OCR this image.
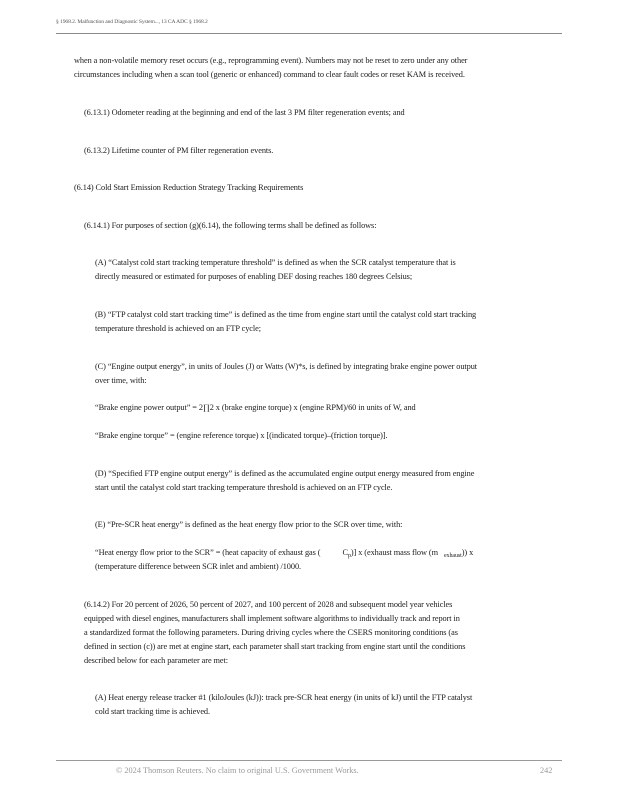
§ 1968.2. Malfunction and Diagnostic System..., 13 CA ADC § 1968.2
when a non-volatile memory reset occurs (e.g., reprogramming event). Numbers may not be reset to zero under any other
circumstances including when a scan tool (generic or enhanced) command to clear fault codes or reset KAM is received.
(6.13.1) Odometer reading at the beginning and end of the last 3 PM filter regeneration events; and
(6.13.2) Lifetime counter of PM filter regeneration events.
(6.14) Cold Start Emission Reduction Strategy Tracking Requirements
(6.14.1) For purposes of section (g)(6.14), the following terms shall be defined as follows:
(A) “Catalyst cold start tracking temperature threshold” is defined as when the SCR catalyst temperature that is
directly measured or estimated for purposes of enabling DEF dosing reaches 180 degrees Celsius;
(B) “FTP catalyst cold start tracking time” is defined as the time from engine start until the catalyst cold start tracking
temperature threshold is achieved on an FTP cycle;
(C) “Engine output energy”, in units of Joules (J) or Watts (W)*s, is defined by integrating brake engine power output
over time, with:
“Brake engine power output” = 2∏2 x (brake engine torque) x (engine RPM)/60 in units of W, and
“Brake engine torque” = (engine reference torque) x [(indicated torque)–(friction torque)].
(D) “Specified FTP engine output energy” is defined as the accumulated engine output energy measured from engine
start until the catalyst cold start tracking temperature threshold is achieved on an FTP cycle.
(E) “Pre-SCR heat energy” is defined as the heat energy flow prior to the SCR over time, with:
“Heat energy flow prior to the SCR” = (heat capacity of exhaust gas (	$C_p$)] x (exhaust mass flow (m $_{exhaust}$)) x
(temperature difference between SCR inlet and ambient) /1000.
(6.14.2) For 20 percent of 2026, 50 percent of 2027, and 100 percent of 2028 and subsequent model year vehicles
equipped with diesel engines, manufacturers shall implement software algorithms to individually track and report in
a standardized format the following parameters. During driving cycles where the CSERS monitoring conditions (as
defined in section (c)) are met at engine start, each parameter shall start tracking from engine start until the conditions
described below for each parameter are met:
(A) Heat energy release tracker #1 (kiloJoules (kJ)): track pre-SCR heat energy (in units of kJ) until the FTP catalyst
cold start tracking time is achieved.
© 2024 Thomson Reuters. No claim to original U.S. Government Works.	242
